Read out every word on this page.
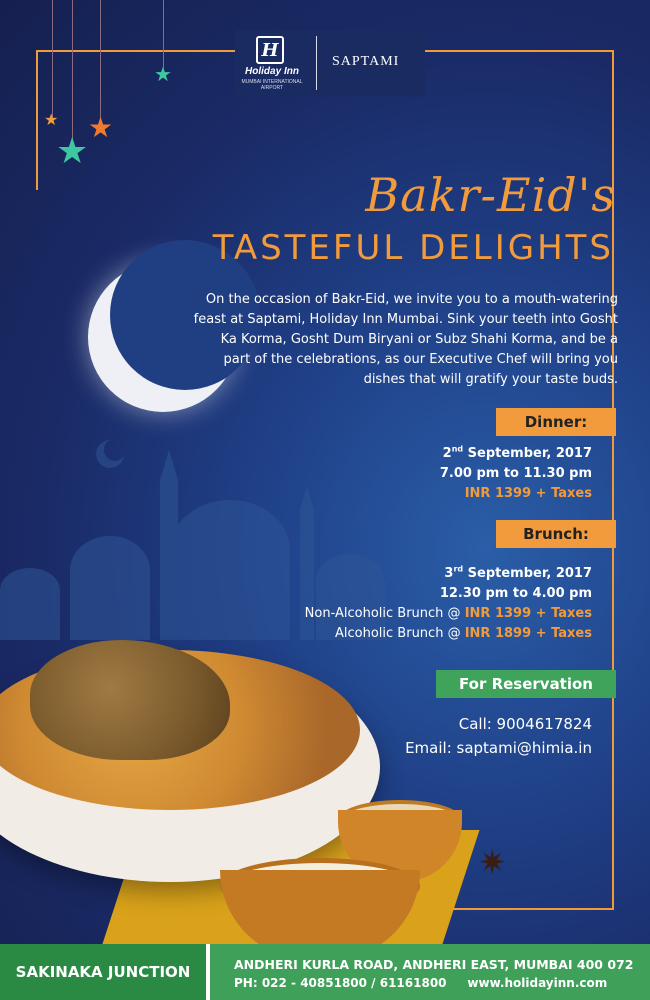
★
★
★
★
H
Holiday Inn
MUMBAI INTERNATIONAL AIRPORT
SAPTAMI
Bakr-Eid's
TASTEFUL DELIGHTS
On the occasion of Bakr-Eid, we invite you to a mouth-watering feast at Saptami, Holiday Inn Mumbai. Sink your teeth into Gosht Ka Korma, Gosht Dum Biryani or Subz Shahi Korma, and be a part of the celebrations, as our Executive Chef will bring you dishes that will gratify your taste buds.
Dinner:
2nd September, 2017
7.00 pm to 11.30 pm
INR 1399 + Taxes
Brunch:
3rd September, 2017
12.30 pm to 4.00 pm
Non-Alcoholic Brunch @ INR 1399 + Taxes
Alcoholic Brunch @ INR 1899 + Taxes
For Reservation
Call: 9004617824
Email: saptami@himia.in
✷
SAKINAKA JUNCTION	ANDHERI KURLA ROAD, ANDHERI EAST, MUMBAI 400 072
PH: 022 - 40851800 / 61161800     www.holidayinn.com
